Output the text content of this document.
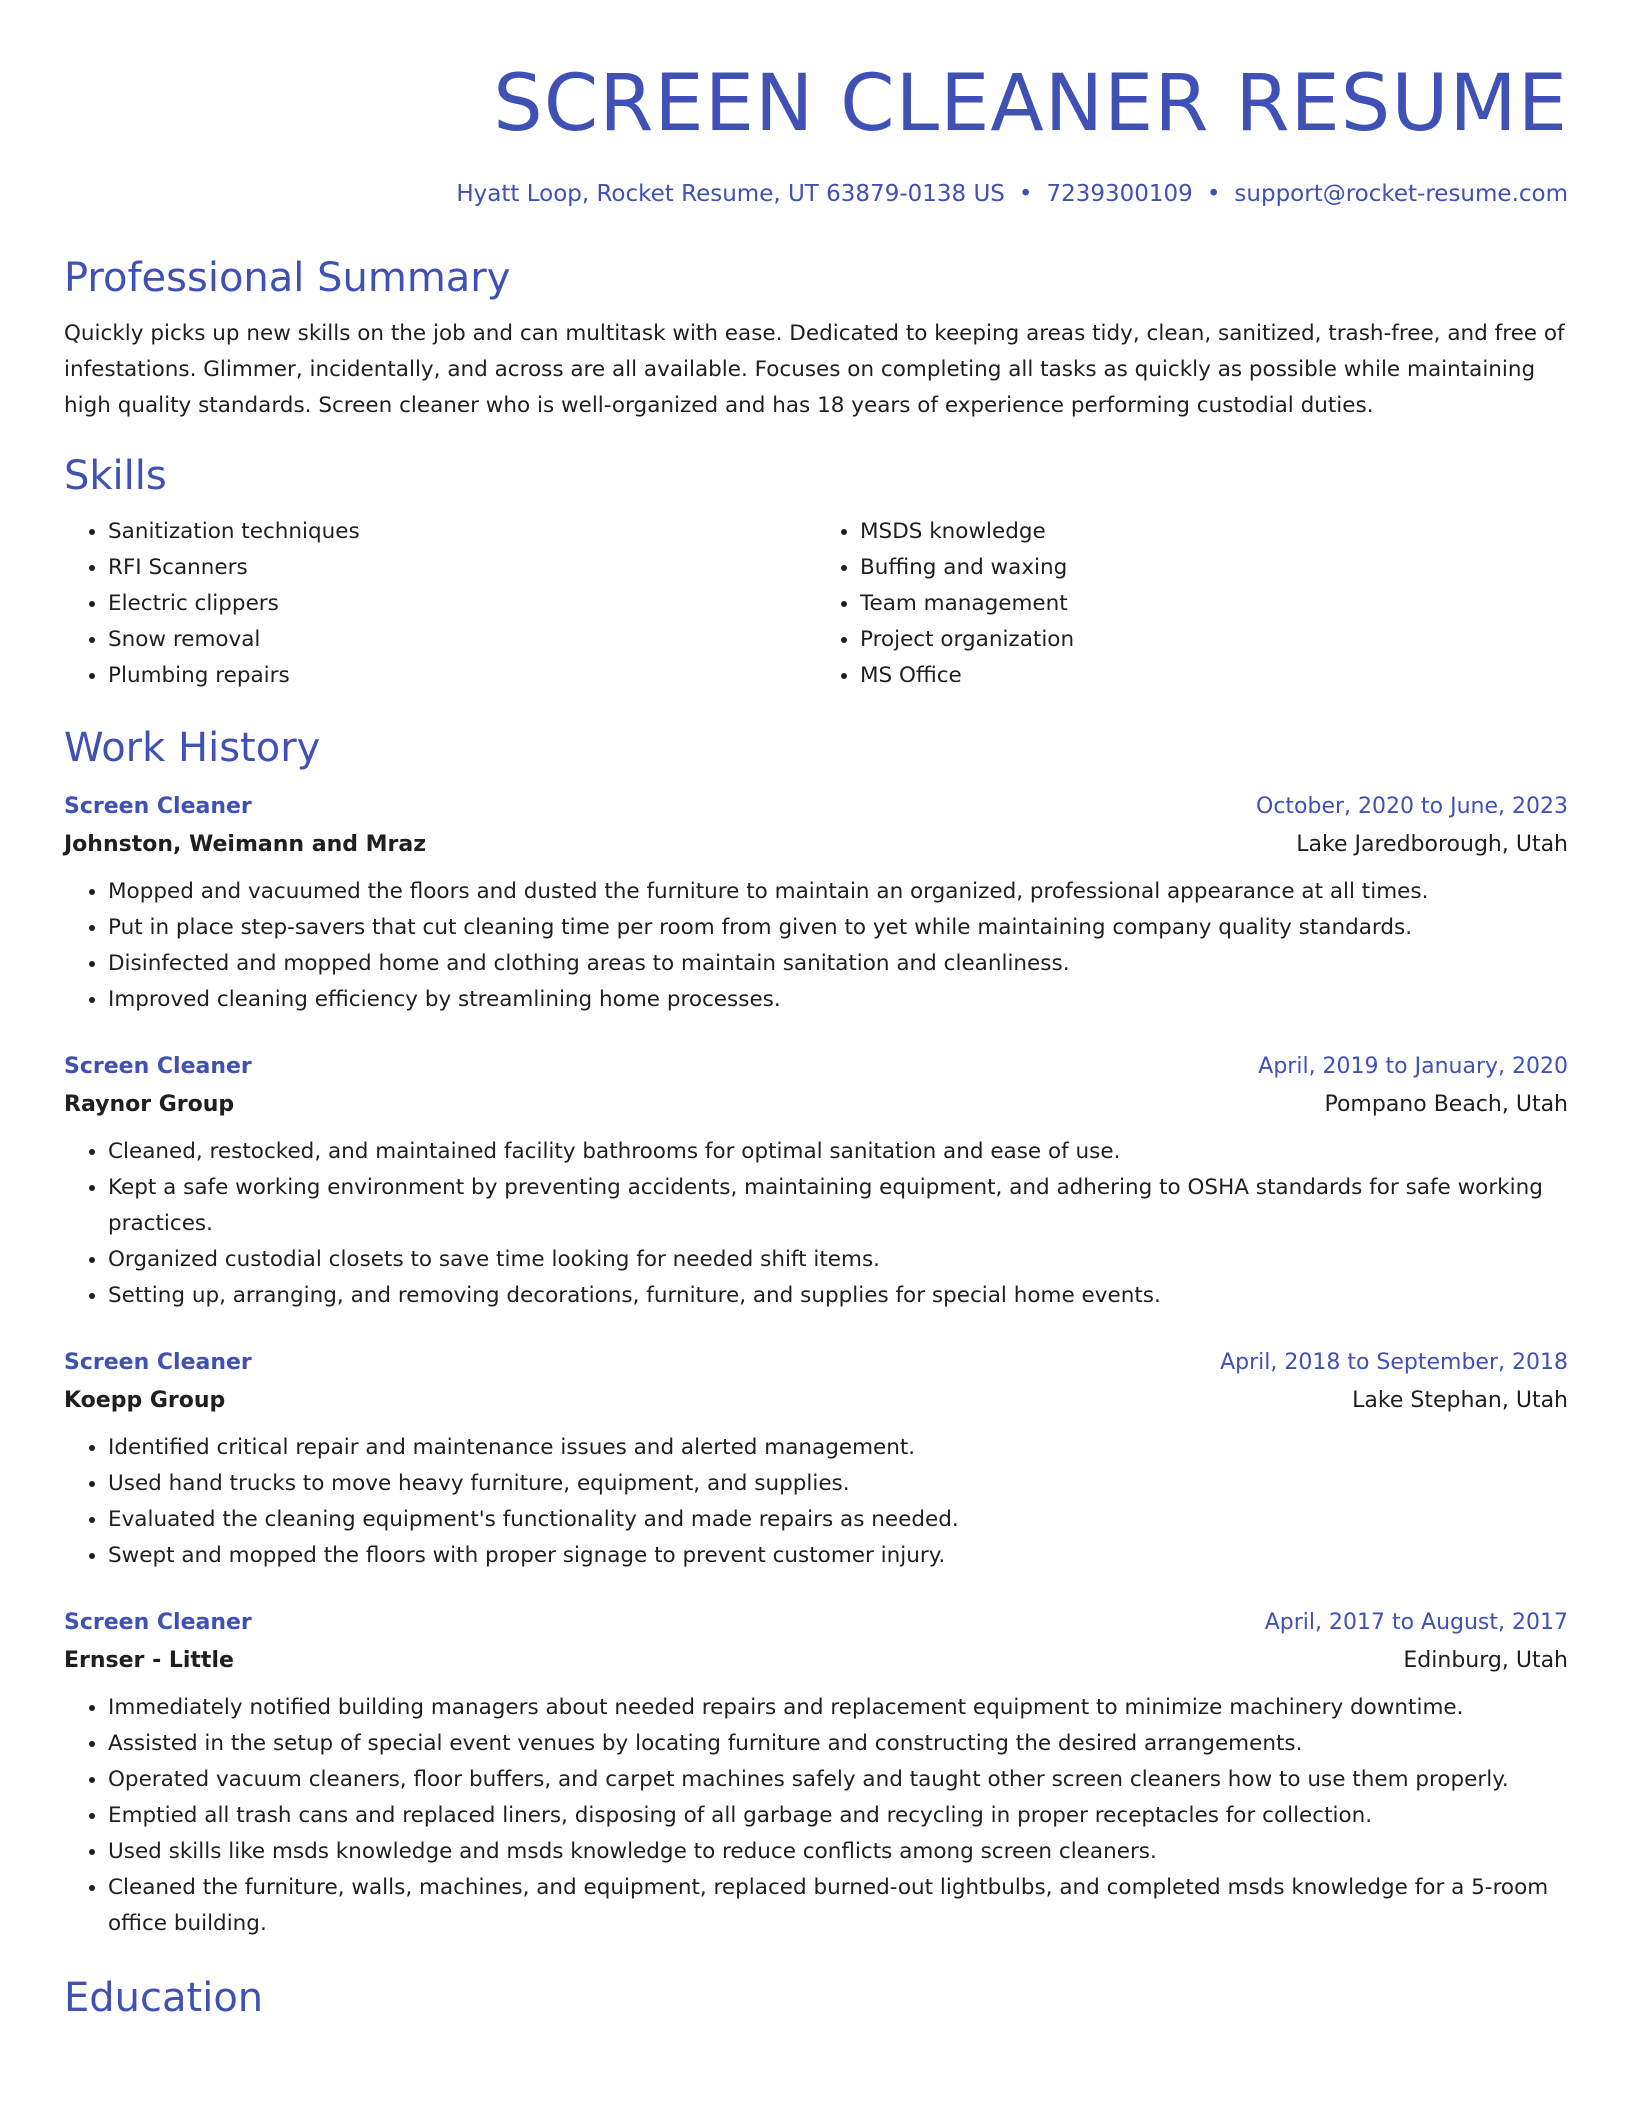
SCREEN CLEANER RESUME
Hyatt Loop, Rocket Resume, UT 63879-0138 US • 7239300109 • support@rocket-resume.com
Professional Summary

Quickly picks up new skills on the job and can multitask with ease. Dedicated to keeping areas tidy, clean, sanitized, trash-free, and free of infestations. Glimmer, incidentally, and across are all available. Focuses on completing all tasks as quickly as possible while maintaining high quality standards. Screen cleaner who is well-organized and has 18 years of experience performing custodial duties.

Skills
• Sanitization techniques
• RFI Scanners
• Electric clippers
• Snow removal
• Plumbing repairs
• MSDS knowledge
• Buffing and waxing
• Team management
• Project organization
• MS Office
Work History
Screen Cleaner	October, 2020 to June, 2023
Johnston, Weimann and Mraz	Lake Jaredborough, Utah
• Mopped and vacuumed the floors and dusted the furniture to maintain an organized, professional appearance at all times.
• Put in place step-savers that cut cleaning time per room from given to yet while maintaining company quality standards.
• Disinfected and mopped home and clothing areas to maintain sanitation and cleanliness.
• Improved cleaning efficiency by streamlining home processes.
Screen Cleaner	April, 2019 to January, 2020
Raynor Group	Pompano Beach, Utah
• Cleaned, restocked, and maintained facility bathrooms for optimal sanitation and ease of use.
• Kept a safe working environment by preventing accidents, maintaining equipment, and adhering to OSHA standards for safe working practices.
• Organized custodial closets to save time looking for needed shift items.
• Setting up, arranging, and removing decorations, furniture, and supplies for special home events.
Screen Cleaner	April, 2018 to September, 2018
Koepp Group	Lake Stephan, Utah
• Identified critical repair and maintenance issues and alerted management.
• Used hand trucks to move heavy furniture, equipment, and supplies.
• Evaluated the cleaning equipment's functionality and made repairs as needed.
• Swept and mopped the floors with proper signage to prevent customer injury.
Screen Cleaner	April, 2017 to August, 2017
Ernser - Little	Edinburg, Utah
• Immediately notified building managers about needed repairs and replacement equipment to minimize machinery downtime.
• Assisted in the setup of special event venues by locating furniture and constructing the desired arrangements.
• Operated vacuum cleaners, floor buffers, and carpet machines safely and taught other screen cleaners how to use them properly.
• Emptied all trash cans and replaced liners, disposing of all garbage and recycling in proper receptacles for collection.
• Used skills like msds knowledge and msds knowledge to reduce conflicts among screen cleaners.
• Cleaned the furniture, walls, machines, and equipment, replaced burned-out lightbulbs, and completed msds knowledge for a 5-room office building.
Education
